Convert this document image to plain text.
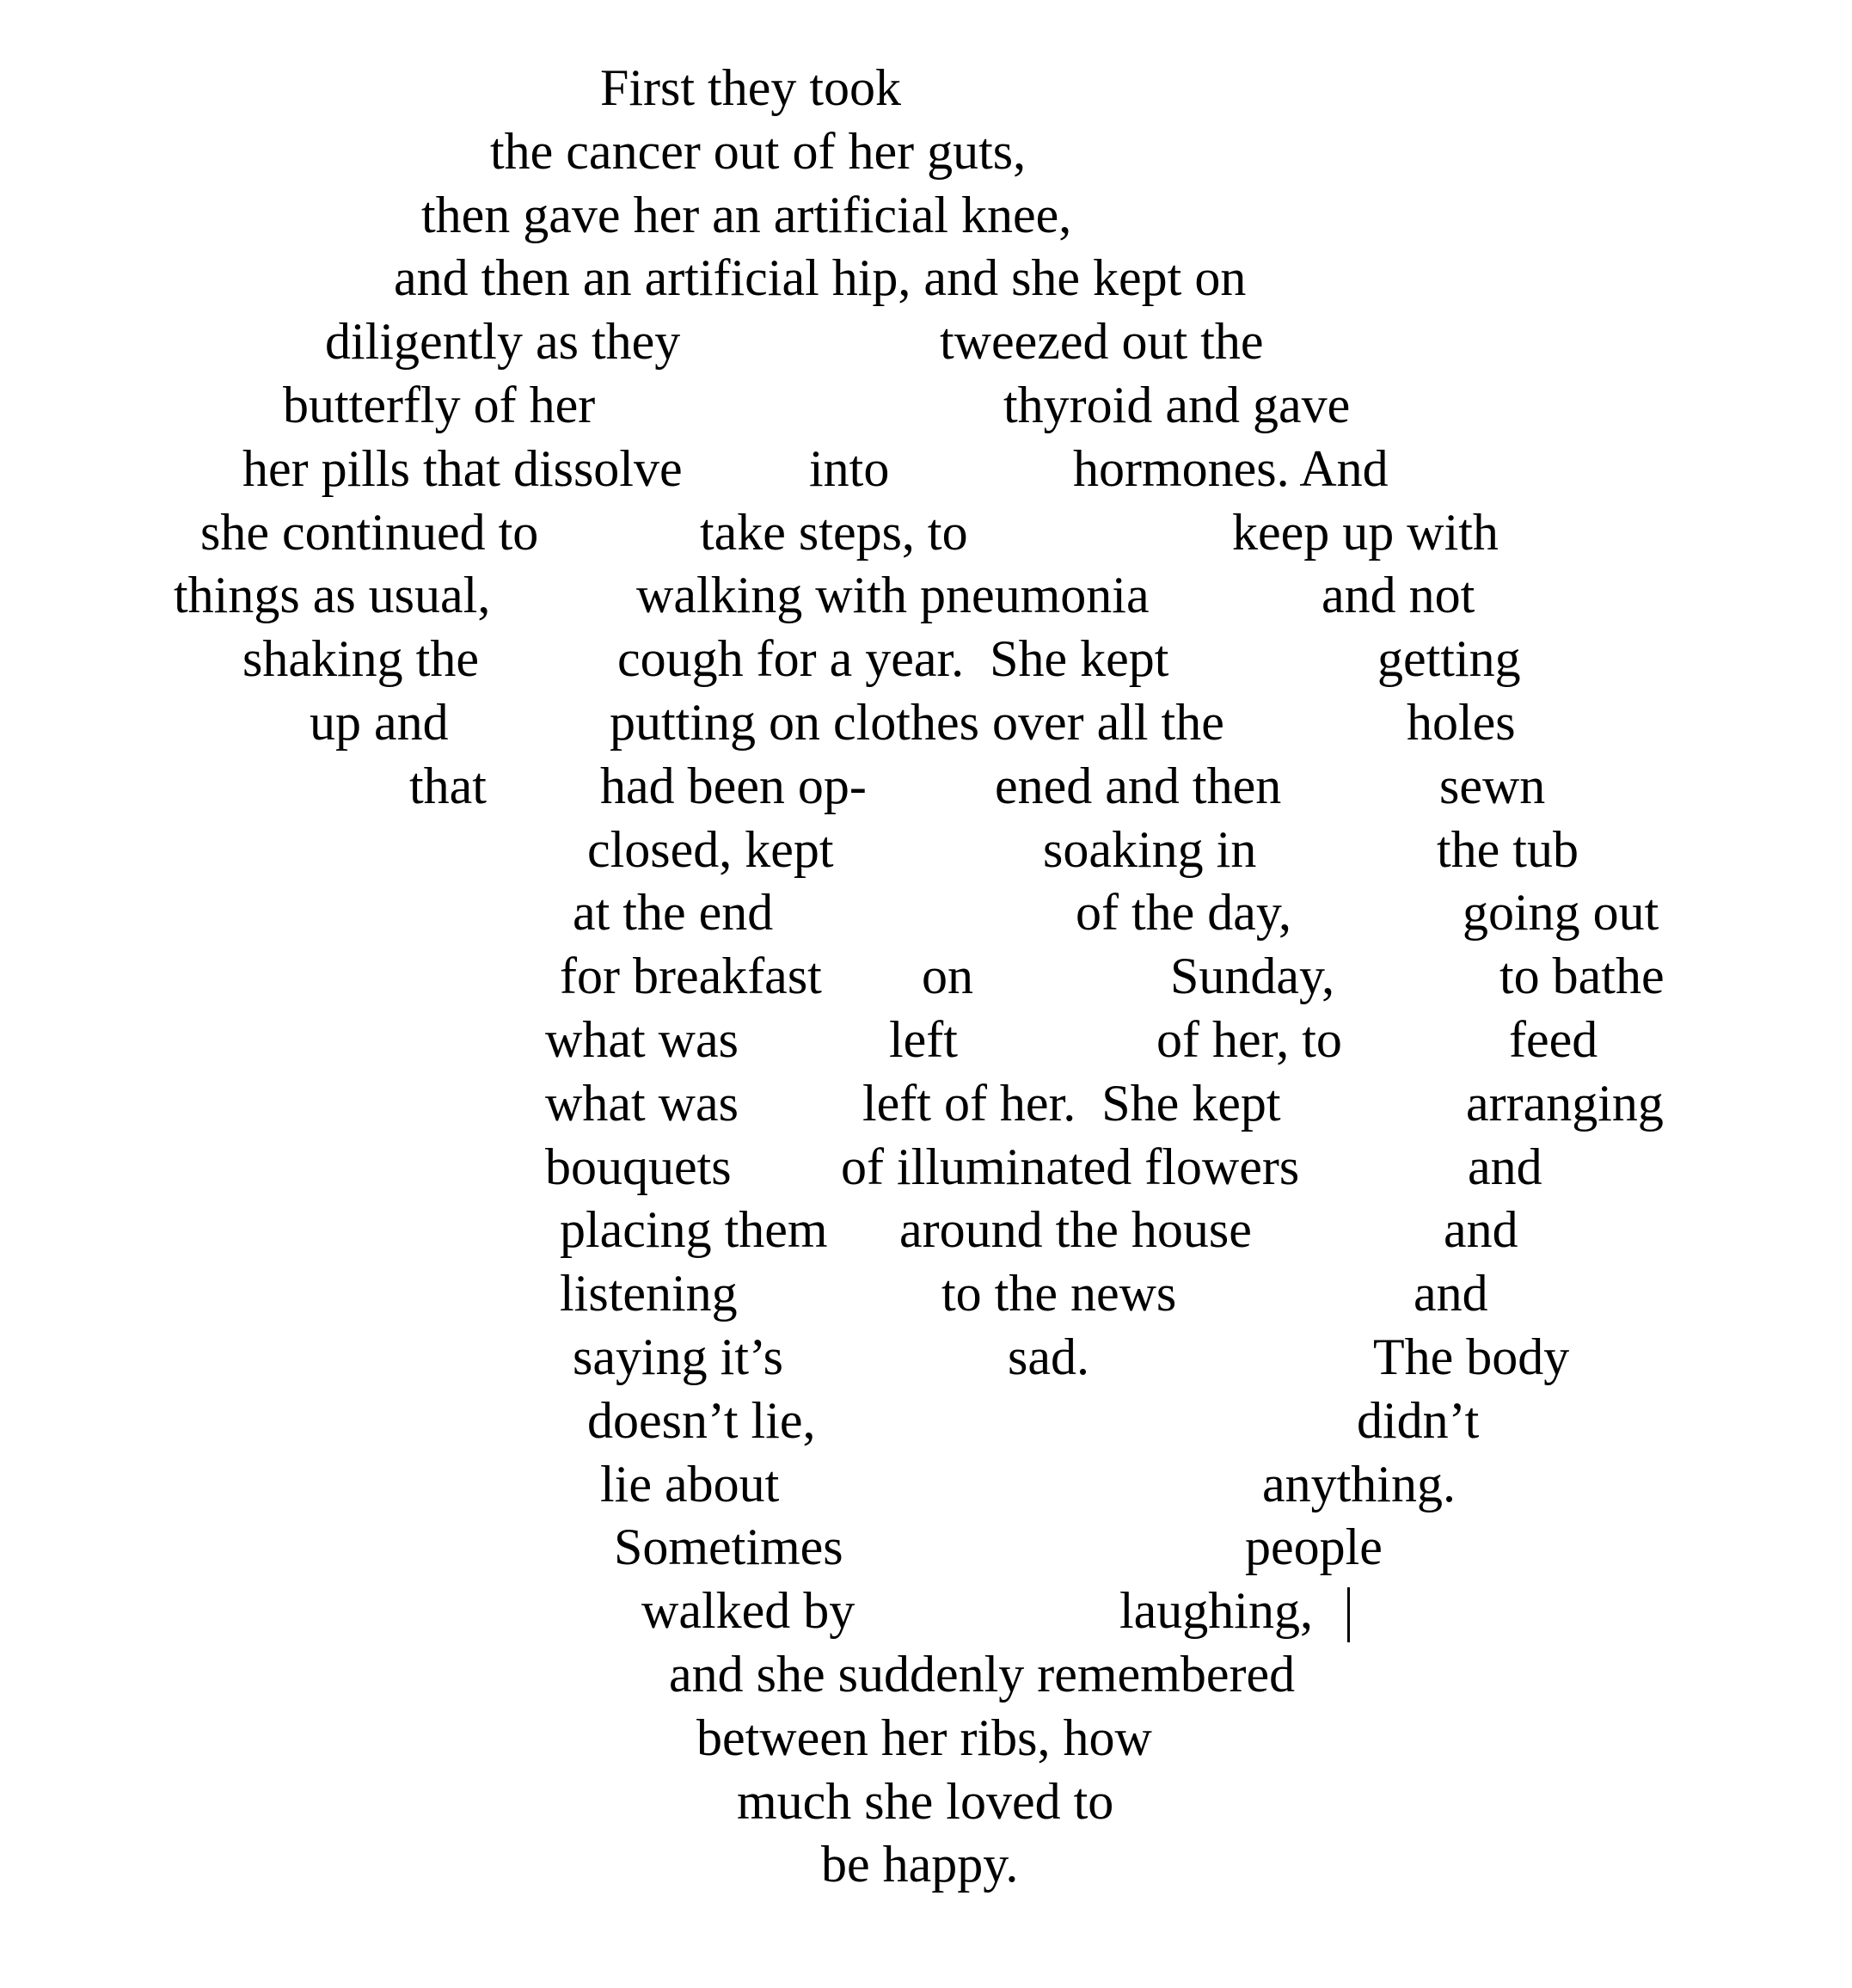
First they took
the cancer out of her guts,
then gave her an artificial knee,
and then an artificial hip, and she kept on
diligently as they	tweezed out the
butterfly of her	thyroid and gave
her pills that dissolve into	hormones. And
she continued to	take steps, to	keep up with
things as usual,	walking with pneumonia	and not
shaking the	cough for a year.  She kept	getting
up and	putting on clothes over all the	holes
that had been op- ened and then	sewn
closed, kept	soaking in	the tub
at the end	of the day,	going out
for breakfast on	Sunday,	to bathe
what was	left	of her, to	feed
what was left of her.  She kept	arranging
bouquets of illuminated flowers	and
placing them around the house	and
listening	to the news	and
saying it’s	sad.	The body
doesn’t lie,	didn’t
lie about	anything.
Sometimes	people
walked by	laughing,
and she suddenly remembered
between her ribs, how
much she loved to
be happy.
